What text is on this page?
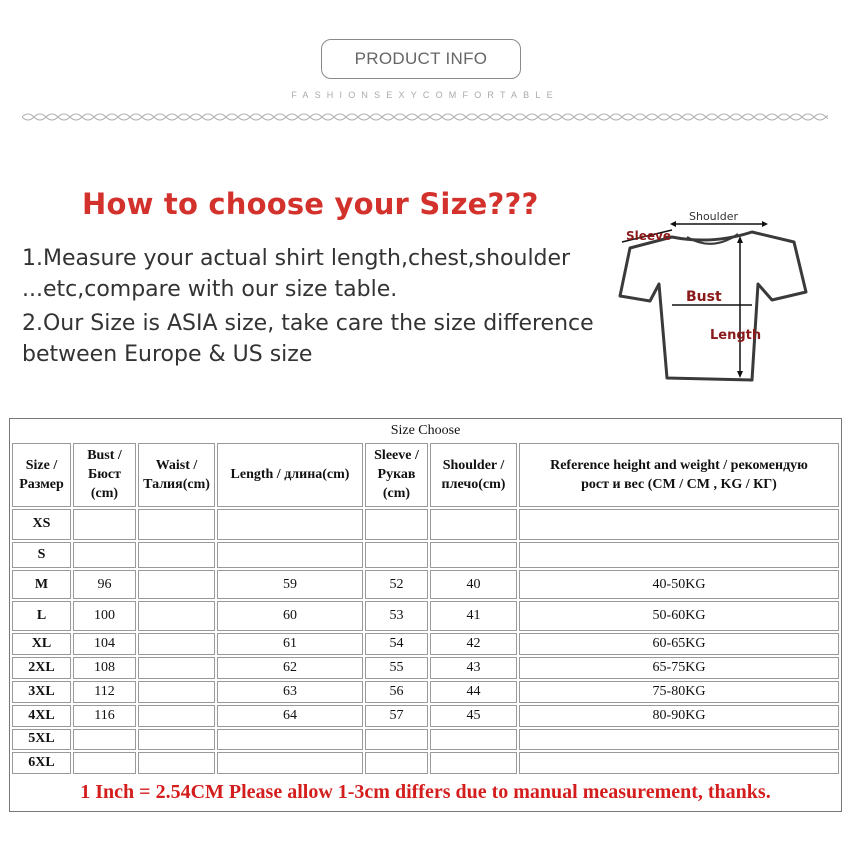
PRODUCT INFO
FASHIONSEXYCOMFORTABLE
How to choose your Size???
1.Measure your actual shirt length,chest,shoulder
...etc,compare with our size table.
2.Our Size is ASIA size, take care the size difference
between Europe & US size
Shoulder
Sleeve
Bust
Length
Size Choose						
Size /
Размер	Bust /
Бюст
(cm)	Waist /
Талия(cm)	Length / длина(cm)	Sleeve /
Рукав
(cm)	Shoulder /
плечо(cm)	Reference height and weight / рекомендую
рост и вес (CM / CM , KG / КГ)
XS						
S						
M	96		59	52	40	40-50KG
L	100		60	53	41	50-60KG
XL	104		61	54	42	60-65KG
2XL	108		62	55	43	65-75KG
3XL	112		63	56	44	75-80KG
4XL	116		64	57	45	80-90KG
5XL						
6XL						
1 Inch = 2.54CM Please allow 1-3cm differs due to manual measurement, thanks.						
